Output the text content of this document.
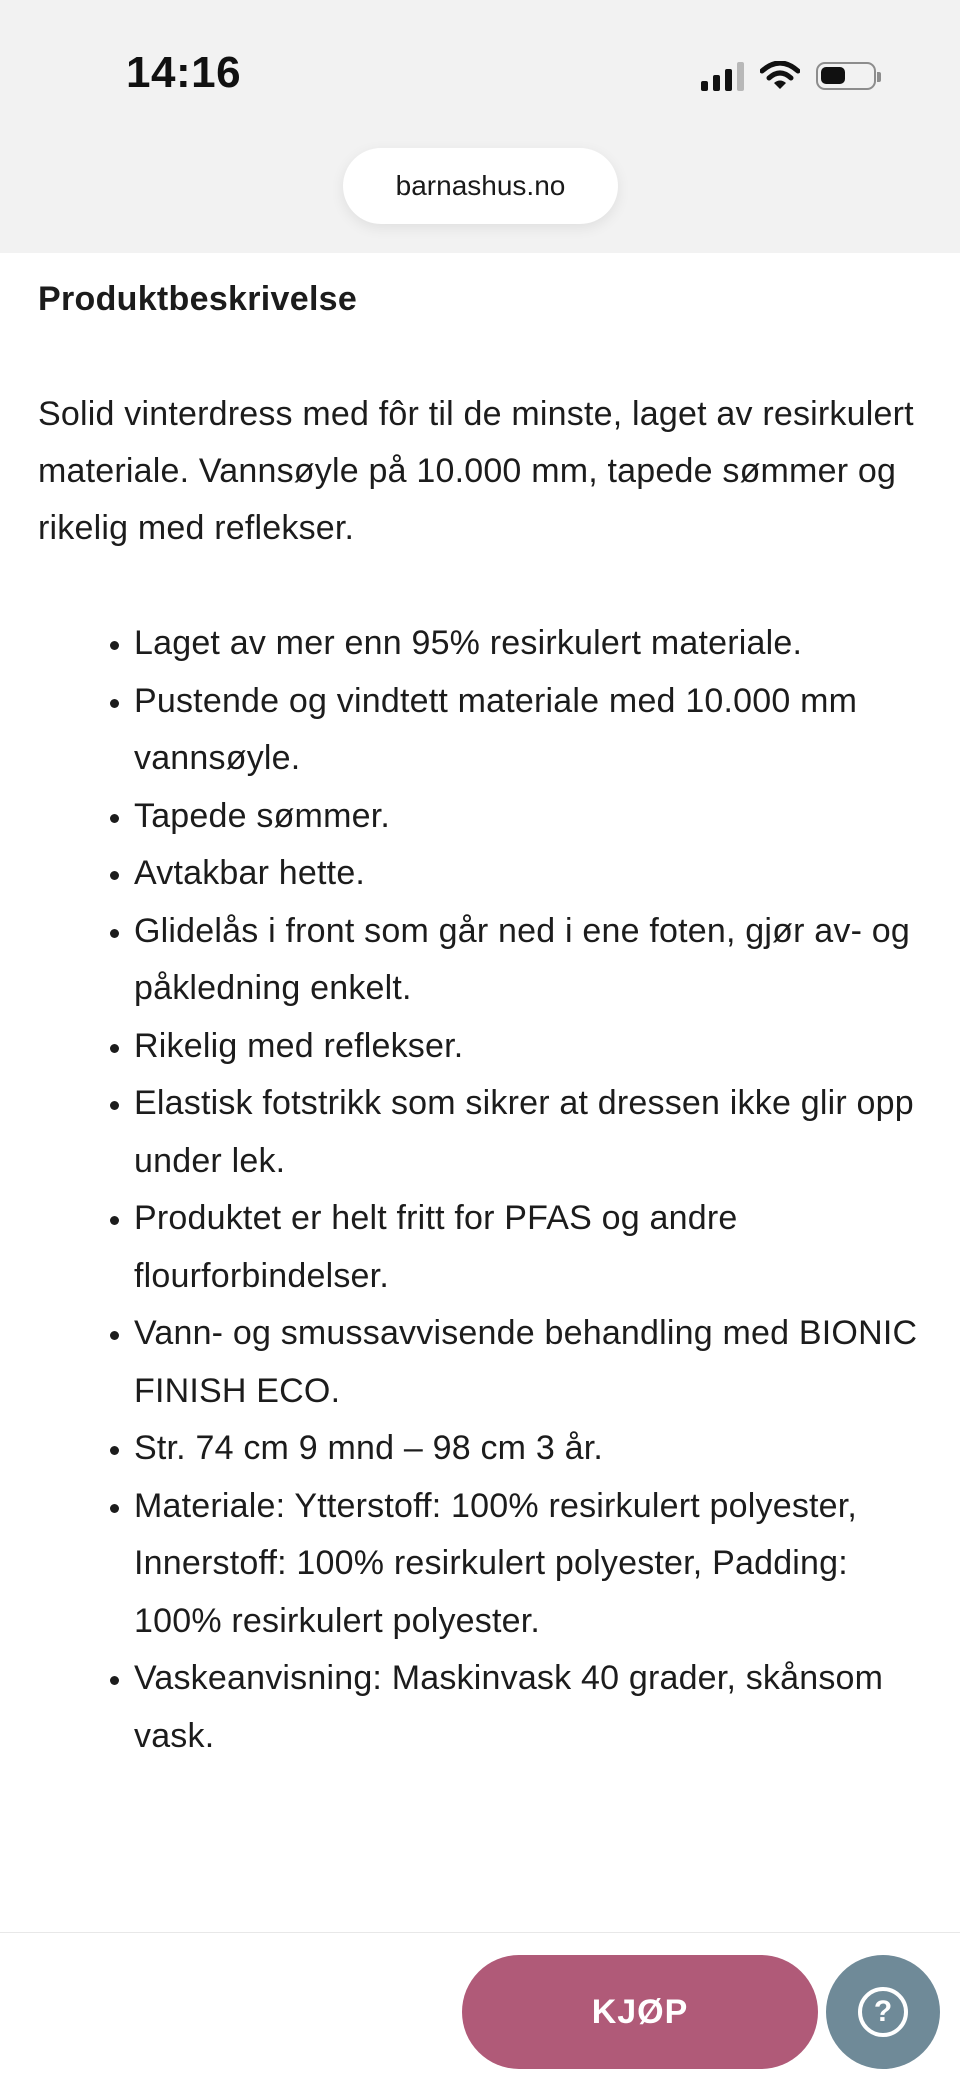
14:16
barnashus.no
Produktbeskrivelse

Solid vinterdress med fôr til de minste, laget av resirkulert materiale. Vannsøyle på 10.000 mm, tapede sømmer og rikelig med reflekser.

• Laget av mer enn 95% resirkulert materiale.
• Pustende og vindtett materiale med 10.000 mm vannsøyle.
• Tapede sømmer.
• Avtakbar hette.
• Glidelås i front som går ned i ene foten, gjør av- og påkledning enkelt.
• Rikelig med reflekser.
• Elastisk fotstrikk som sikrer at dressen ikke glir opp under lek.
• Produktet er helt fritt for PFAS og andre flourforbindelser.
• Vann- og smussavvisende behandling med BIONIC FINISH ECO.
• Str. 74 cm 9 mnd – 98 cm 3 år.
• Materiale: Ytterstoff: 100% resirkulert polyester, Innerstoff: 100% resirkulert polyester, Padding: 100% resirkulert polyester.
• Vaskeanvisning: Maskinvask 40 grader, skånsom vask.
KJØP	?
